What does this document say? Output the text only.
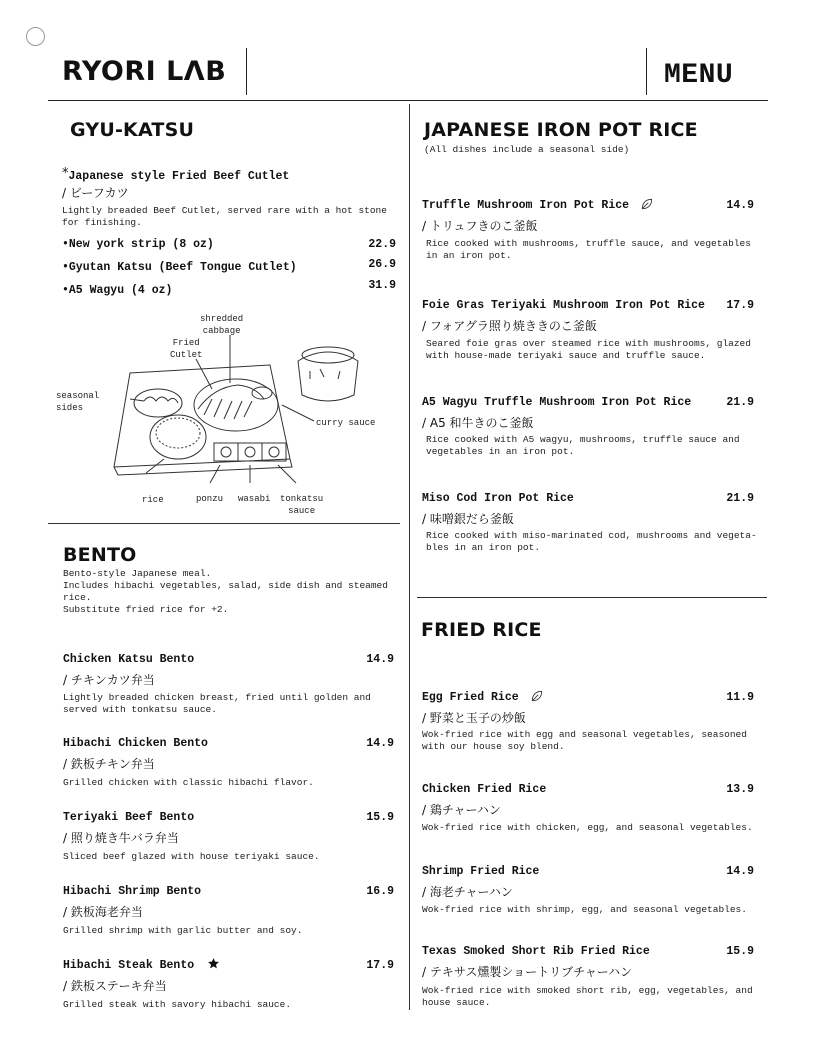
RYORI LΛB	MENU
GYU-KATSU
*Japanese style Fried Beef Cutlet
/ ビーフカツ
Lightly breaded Beef Cutlet, served rare with a hot stone
for finishing.
•New york strip (8 oz)	22.9
•Gyutan Katsu (Beef Tongue Cutlet)	26.9
•A5 Wagyu (4 oz)	31.9
shredded
cabbage
Fried
Cutlet
seasonal
sides
curry sauce
rice	ponzu wasabi tonkatsu
sauce
BENTO
Bento-style Japanese meal.
Includes hibachi vegetables, salad, side dish and steamed
rice.
Substitute fried rice for +2.
Chicken Katsu Bento	14.9
/ チキンカツ弁当
Lightly breaded chicken breast, fried until golden and
served with tonkatsu sauce.
Hibachi Chicken Bento	14.9
/ 鉄板チキン弁当
Grilled chicken with classic hibachi flavor.
Teriyaki Beef Bento	15.9
/ 照り焼き牛バラ弁当
Sliced beef glazed with house teriyaki sauce.
Hibachi Shrimp Bento	16.9
/ 鉄板海老弁当
Grilled shrimp with garlic butter and soy.
Hibachi Steak Bento	17.9
/ 鉄板ステーキ弁当
Grilled steak with savory hibachi sauce.
JAPANESE IRON POT RICE
(All dishes include a seasonal side)
Truffle Mushroom Iron Pot Rice	14.9
/ トリュフきのこ釜飯
Rice cooked with mushrooms, truffle sauce, and vegetables
in an iron pot.
Foie Gras Teriyaki Mushroom Iron Pot Rice	17.9
/ フォアグラ照り焼ききのこ釜飯
Seared foie gras over steamed rice with mushrooms, glazed
with house-made teriyaki sauce and truffle sauce.
A5 Wagyu Truffle Mushroom Iron Pot Rice	21.9
/ A5 和牛きのこ釜飯
Rice cooked with A5 wagyu, mushrooms, truffle sauce and
vegetables in an iron pot.
Miso Cod Iron Pot Rice	21.9
/ 味噌銀だら釜飯
Rice cooked with miso-marinated cod, mushrooms and vegeta-
bles in an iron pot.
FRIED RICE
Egg Fried Rice	11.9
/ 野菜と玉子の炒飯
Wok-fried rice with egg and seasonal vegetables, seasoned
with our house soy blend.
Chicken Fried Rice	13.9
/ 鶏チャーハン
Wok-fried rice with chicken, egg, and seasonal vegetables.
Shrimp Fried Rice	14.9
/ 海老チャーハン
Wok-fried rice with shrimp, egg, and seasonal vegetables.
Texas Smoked Short Rib Fried Rice	15.9
/ テキサス燻製ショートリブチャーハン
Wok-fried rice with smoked short rib, egg, vegetables, and
house sauce.
